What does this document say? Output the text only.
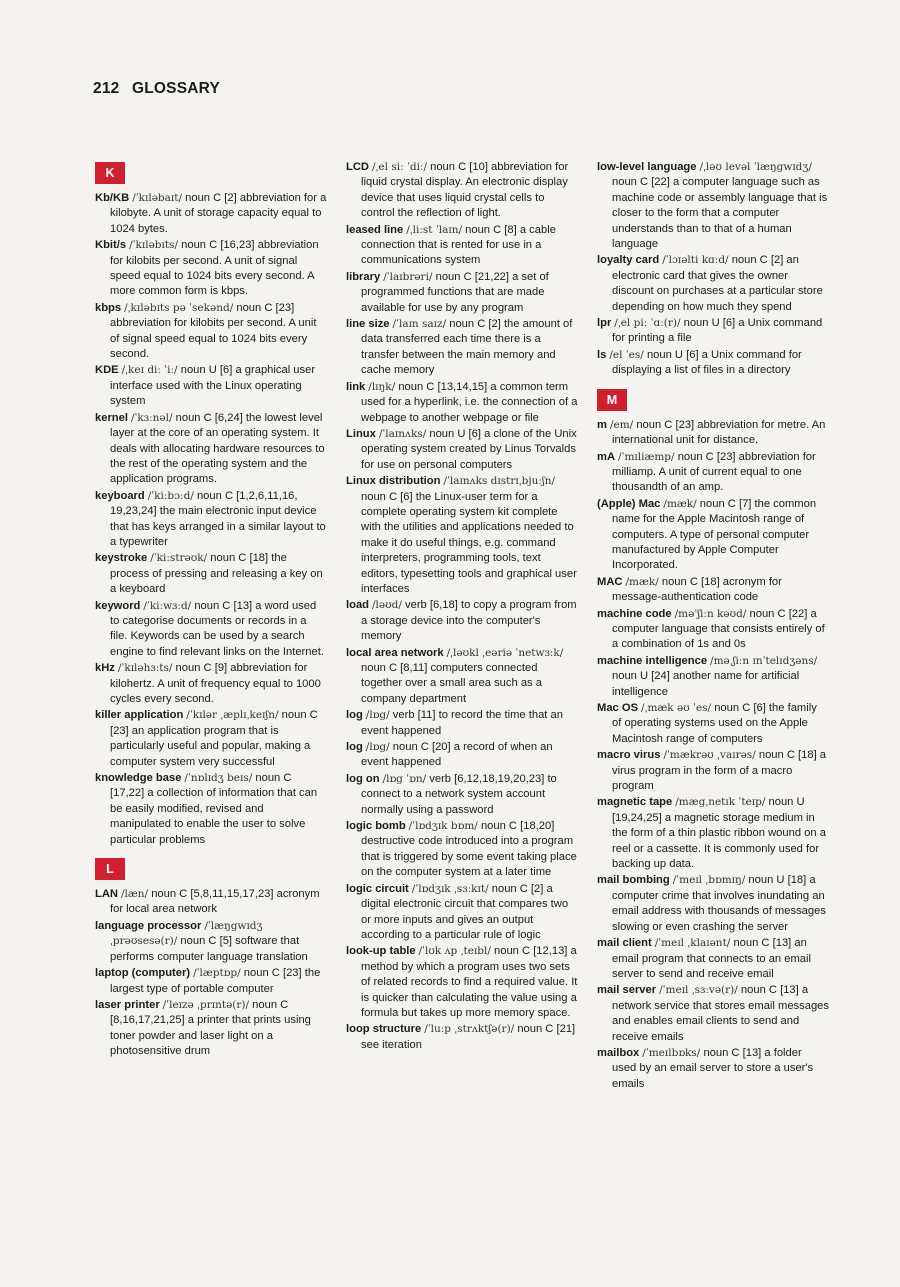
212 GLOSSARY
K
Kb/KB /ˈkɪləbaɪt/ noun C [2] abbreviation for a kilobyte. A unit of storage capacity equal to 1024 bytes.
Kbit/s /ˈkɪləbɪts/ noun C [16,23] abbreviation for kilobits per second. A unit of signal speed equal to 1024 bits every second. A more common form is kbps.
kbps /ˌkɪləbɪts pə ˈsekənd/ noun C [23] abbreviation for kilobits per second. A unit of signal speed equal to 1024 bits every second.
KDE /ˌkeɪ diː ˈiː/ noun U [6] a graphical user interface used with the Linux operating system
kernel /ˈkɜːnəl/ noun C [6,24] the lowest level layer at the core of an operating system. It deals with allocating hardware resources to the rest of the operating system and the application programs.
keyboard /ˈkiːbɔːd/ noun C [1,2,6,11,16, 19,23,24] the main electronic input device that has keys arranged in a similar layout to a typewriter
keystroke /ˈkiːstrəʊk/ noun C [18] the process of pressing and releasing a key on a keyboard
keyword /ˈkiːwɜːd/ noun C [13] a word used to categorise documents or records in a file. Keywords can be used by a search engine to find relevant links on the Internet.
kHz /ˈkɪləhɜːts/ noun C [9] abbreviation for kilohertz. A unit of frequency equal to 1000 cycles every second.
killer application /ˈkɪlər ˌæplɪˌkeɪʃn/ noun C [23] an application program that is particularly useful and popular, making a computer system very successful
knowledge base /ˈnɒlɪdʒ beɪs/ noun C [17,22] a collection of information that can be easily modified, revised and manipulated to enable the user to solve particular problems
L
LAN /læn/ noun C [5,8,11,15,17,23] acronym for local area network
language processor /ˈlæŋgwɪdʒ ˌprəʊsesə(r)/ noun C [5] software that performs computer language translation
laptop (computer) /ˈlæptɒp/ noun C [23] the largest type of portable computer
laser printer /ˈleɪzə ˌprɪntə(r)/ noun C [8,16,17,21,25] a printer that prints using toner powder and laser light on a photosensitive drum
LCD /ˌel siː ˈdiː/ noun C [10] abbreviation for liquid crystal display. An electronic display device that uses liquid crystal cells to control the reflection of light.
leased line /ˌliːst ˈlaɪn/ noun C [8] a cable connection that is rented for use in a communications system
library /ˈlaɪbrəri/ noun C [21,22] a set of programmed functions that are made available for use by any program
line size /ˈlaɪn saɪz/ noun C [2] the amount of data transferred each time there is a transfer between the main memory and cache memory
link /lɪŋk/ noun C [13,14,15] a common term used for a hyperlink, i.e. the connection of a webpage to another webpage or file
Linux /ˈlaɪnʌks/ noun U [6] a clone of the Unix operating system created by Linus Torvalds for use on personal computers
Linux distribution /ˈlaɪnʌks dɪstrɪˌbjuːʃn/ noun C [6] the Linux-user term for a complete operating system kit complete with the utilities and applications needed to make it do useful things, e.g. command interpreters, programming tools, text editors, typesetting tools and graphical user interfaces
load /ləʊd/ verb [6,18] to copy a program from a storage device into the computer's memory
local area network /ˌləʊkl ˌeəriə ˈnetwɜːk/ noun C [8,11] computers connected together over a small area such as a company department
log /lɒg/ verb [11] to record the time that an event happened
log /lɒg/ noun C [20] a record of when an event happened
log on /lɒg ˈɒn/ verb [6,12,18,19,20,23] to connect to a network system account normally using a password
logic bomb /ˈlɒdʒɪk bɒm/ noun C [18,20] destructive code introduced into a program that is triggered by some event taking place on the computer system at a later time
logic circuit /ˈlɒdʒɪk ˌsɜːkɪt/ noun C [2] a digital electronic circuit that compares two or more inputs and gives an output according to a particular rule of logic
look-up table /ˈlʊk ʌp ˌteɪbl/ noun C [12,13] a method by which a program uses two sets of related records to find a required value. It is quicker than calculating the value using a formula but takes up more memory space.
loop structure /ˈluːp ˌstrʌktʃə(r)/ noun C [21] see iteration
low-level language /ˌləʊ levəl ˈlæŋgwɪdʒ/ noun C [22] a computer language such as machine code or assembly language that is closer to the form that a computer understands than to that of a human language
loyalty card /ˈlɔɪəlti kɑːd/ noun C [2] an electronic card that gives the owner discount on purchases at a particular store depending on how much they spend
lpr /ˌel piː ˈɑː(r)/ noun U [6] a Unix command for printing a file
ls /el ˈes/ noun U [6] a Unix command for displaying a list of files in a directory
M
m /em/ noun C [23] abbreviation for metre. An international unit for distance.
mA /ˈmɪliæmp/ noun C [23] abbreviation for milliamp. A unit of current equal to one thousandth of an amp.
(Apple) Mac /mæk/ noun C [7] the common name for the Apple Macintosh range of computers. A type of personal computer manufactured by Apple Computer Incorporated.
MAC /mæk/ noun C [18] acronym for message-authentication code
machine code /məˈʃiːn kəʊd/ noun C [22] a computer language that consists entirely of a combination of 1s and 0s
machine intelligence /məˌʃiːn ɪnˈtelɪdʒəns/ noun U [24] another name for artificial intelligence
Mac OS /ˌmæk əʊ ˈes/ noun C [6] the family of operating systems used on the Apple Macintosh range of computers
macro virus /ˈmækrəʊ ˌvaɪrəs/ noun C [18] a virus program in the form of a macro program
magnetic tape /mægˌnetɪk ˈteɪp/ noun U [19,24,25] a magnetic storage medium in the form of a thin plastic ribbon wound on a reel or a cassette. It is commonly used for backing up data.
mail bombing /ˈmeɪl ˌbɒmɪŋ/ noun U [18] a computer crime that involves inundating an email address with thousands of messages slowing or even crashing the server
mail client /ˈmeɪl ˌklaɪənt/ noun C [13] an email program that connects to an email server to send and receive email
mail server /ˈmeɪl ˌsɜːvə(r)/ noun C [13] a network service that stores email messages and enables email clients to send and receive emails
mailbox /ˈmeɪlbɒks/ noun C [13] a folder used by an email server to store a user's emails
